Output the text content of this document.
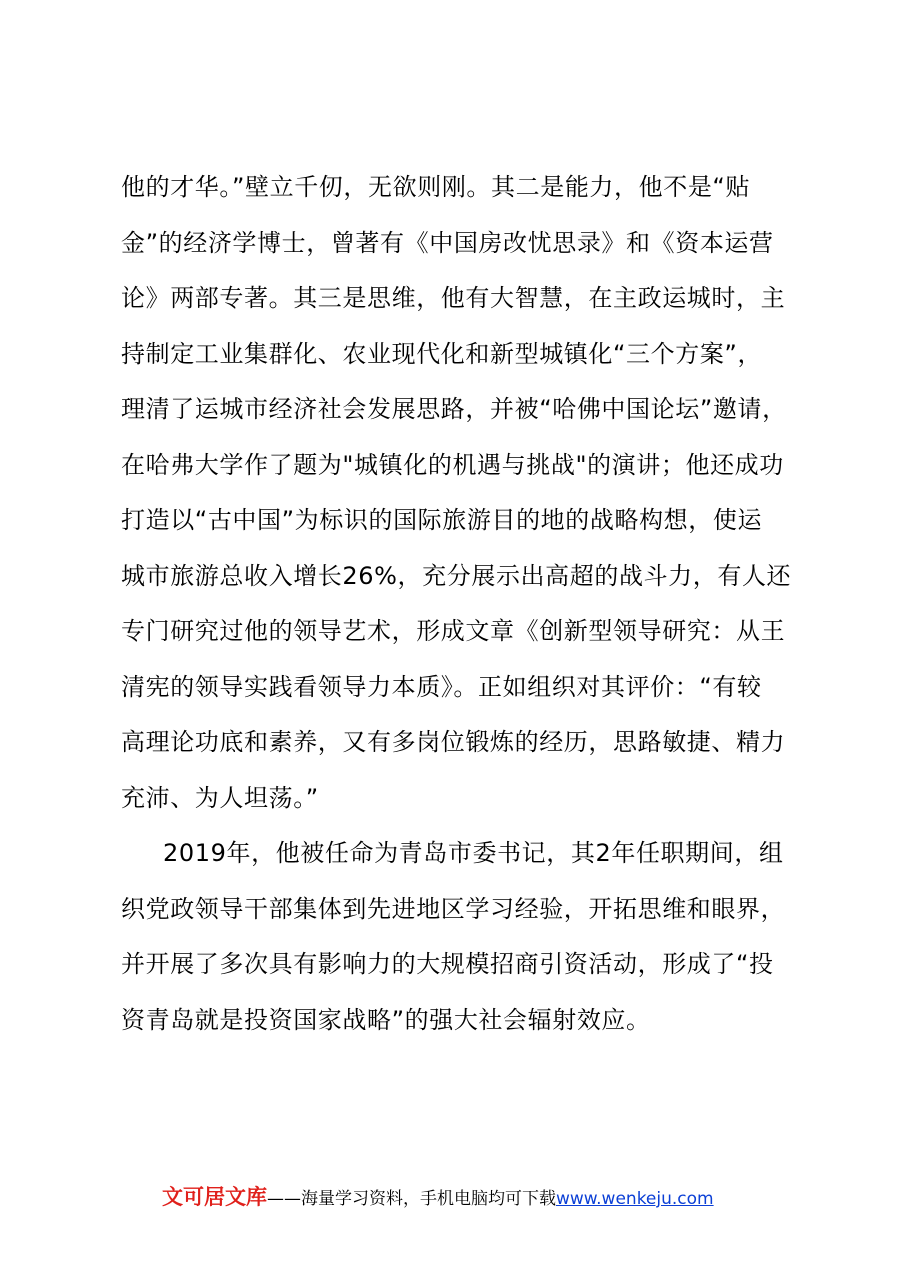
他的才华。”壁立千仞，无欲则刚。其二是能力，他不是“贴
金”的经济学博士，曾著有《中国房改忧思录》和《资本运营
论》两部专著。其三是思维，他有大智慧，在主政运城时，主
持制定工业集群化、农业现代化和新型城镇化“三个方案”，
理清了运城市经济社会发展思路，并被“哈佛中国论坛”邀请，
在哈弗大学作了题为"城镇化的机遇与挑战"的演讲；他还成功
打造以“古中国”为标识的国际旅游目的地的战略构想，使运
城市旅游总收入增长26%，充分展示出高超的战斗力，有人还
专门研究过他的领导艺术，形成文章《创新型领导研究：从王
清宪的领导实践看领导力本质》。正如组织对其评价：“有较
高理论功底和素养，又有多岗位锻炼的经历，思路敏捷、精力
充沛、为人坦荡。”
2019年，他被任命为青岛市委书记，其2年任职期间，组
织党政领导干部集体到先进地区学习经验，开拓思维和眼界，
并开展了多次具有影响力的大规模招商引资活动，形成了“投
资青岛就是投资国家战略”的强大社会辐射效应。
文可居文库——海量学习资料，手机电脑均可下载www.wenkeju.com
